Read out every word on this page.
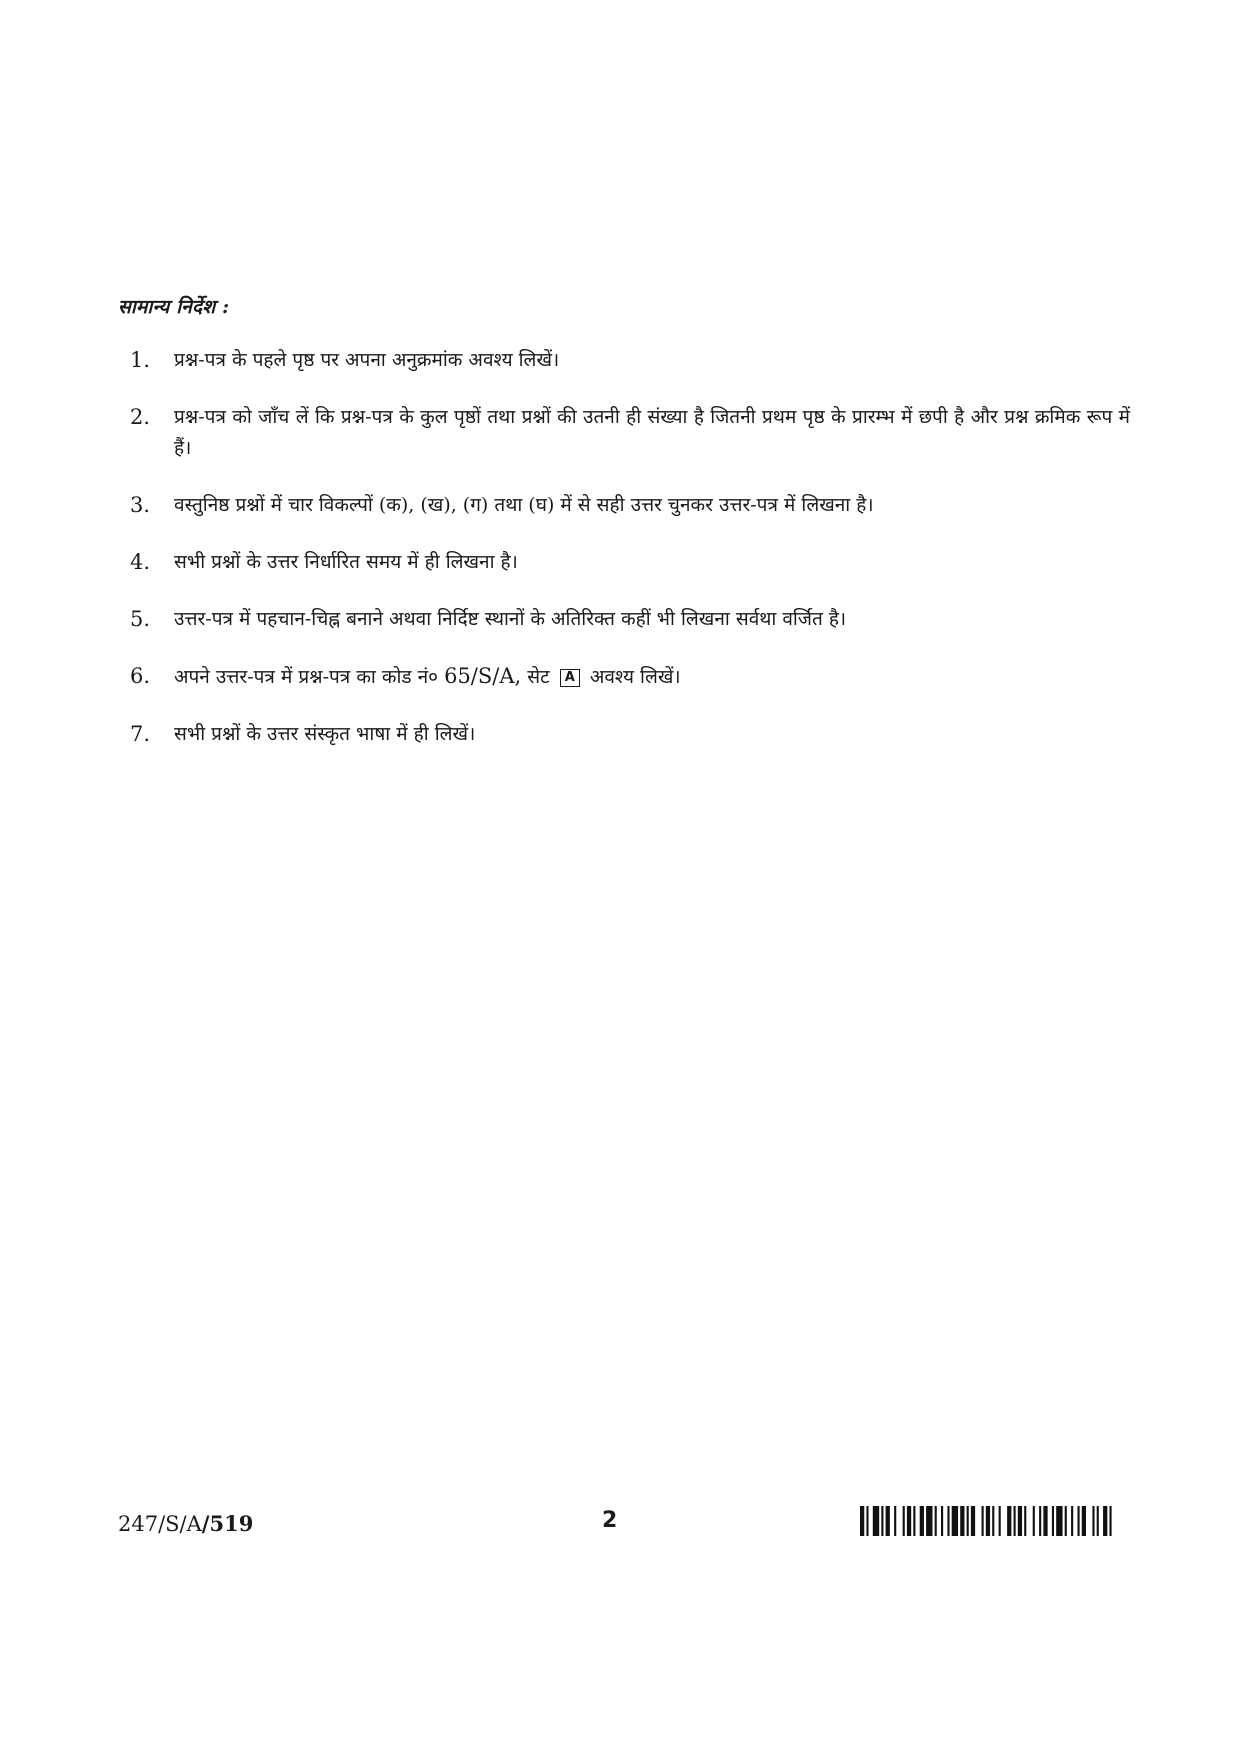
सामान्य निर्देश :
1.	प्रश्न-पत्र के पहले पृष्ठ पर अपना अनुक्रमांक अवश्य लिखें।
2.	प्रश्न-पत्र को जाँच लें कि प्रश्न-पत्र के कुल पृष्ठों तथा प्रश्नों की उतनी ही संख्या है जितनी प्रथम पृष्ठ के प्रारम्भ में छपी है और प्रश्न क्रमिक रूप में हैं।
3.	वस्तुनिष्ठ प्रश्नों में चार विकल्पों (क), (ख), (ग) तथा (घ) में से सही उत्तर चुनकर उत्तर-पत्र में लिखना है।
4.	सभी प्रश्नों के उत्तर निर्धारित समय में ही लिखना है।
5.	उत्तर-पत्र में पहचान-चिह्न बनाने अथवा निर्दिष्ट स्थानों के अतिरिक्त कहीं भी लिखना सर्वथा वर्जित है।
6.	अपने उत्तर-पत्र में प्रश्न-पत्र का कोड नं० 65/S/A, सेट A अवश्य लिखें।
7.	सभी प्रश्नों के उत्तर संस्कृत भाषा में ही लिखें।
247/S/A/519	2
